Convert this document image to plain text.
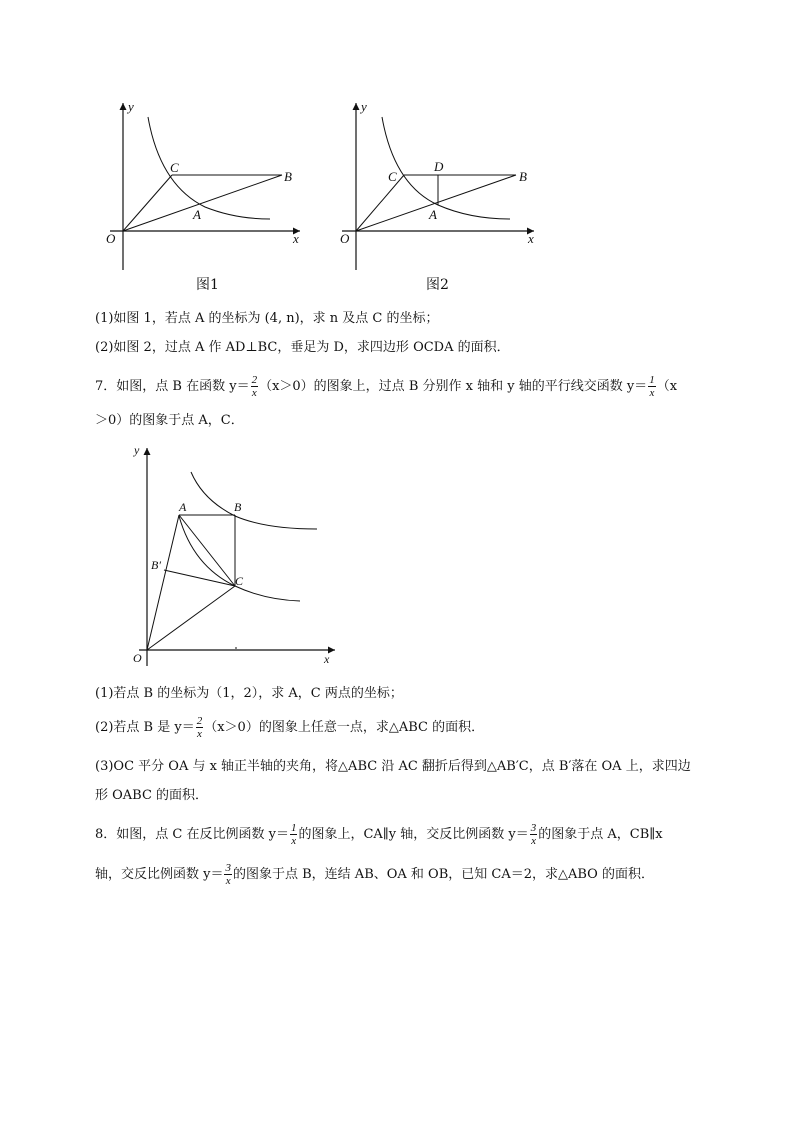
y
x
O
C
B
A
图1
y
x
O
C
D
B
A
图2
(1)如图 1，若点 A 的坐标为 (4, n)，求 n 及点 C 的坐标；
(2)如图 2，过点 A 作 AD⊥BC，垂足为 D，求四边形 OCDA 的面积．
7．如图，点 B 在函数 $y= \frac{2}{x} (x>0)$的图象上，过点 B 分别作 x 轴和 y 轴的平行线交函数 $y= \frac{1}{x} (x$
＞0）的图象于点 A，C．
y
x
O
A	B
B′
C
(1)若点 B 的坐标为（1，2），求 A，C 两点的坐标；
(2)若点 B 是 $y= \frac{2}{x} (x>0)$的图象上任意一点，求△ABC 的面积．
(3)OC 平分 OA 与 x 轴正半轴的夹角，将△ABC 沿 AC 翻折后得到△AB′C，点 B′落在 OA 上，求四边
形 OABC 的面积．
8．如图，点 C 在反比例函数 $y= \frac{1}{x}$ 的图象上，CA∥y 轴，交反比例函数 $y= \frac{3}{x}$ 的图象于点 A，CB∥x
轴，交反比例函数 $y= \frac{3}{x}$ 的图象于点 B，连结 AB、OA 和 OB，已知 CA＝2，求△ABO 的面积．
